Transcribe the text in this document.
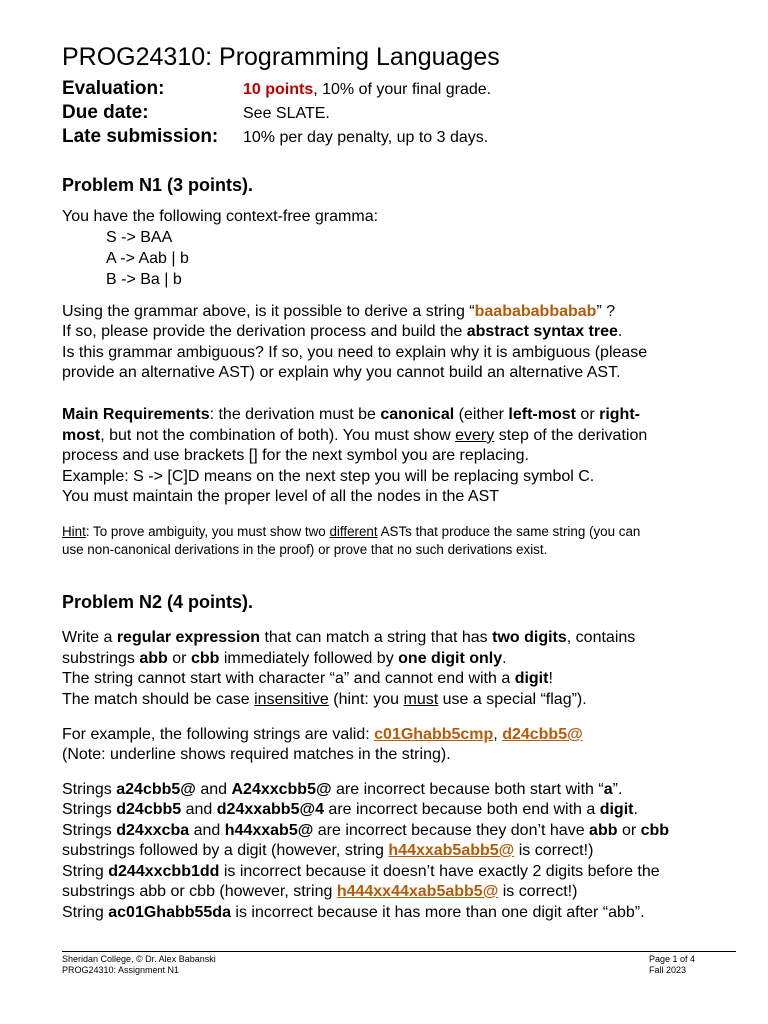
PROG24310: Programming Languages
Evaluation:	10 points, 10% of your final grade.
Due date:	See SLATE.
Late submission: 10% per day penalty, up to 3 days.
Problem N1 (3 points).
You have the following context-free gramma:
S -> BAA
A -> Aab | b
B -> Ba | b
Using the grammar above, is it possible to derive a string “baabababbabab” ?
If so, please provide the derivation process and build the abstract syntax tree.
Is this grammar ambiguous? If so, you need to explain why it is ambiguous (please
provide an alternative AST) or explain why you cannot build an alternative AST.
Main Requirements: the derivation must be canonical (either left-most or right-
most, but not the combination of both). You must show every step of the derivation
process and use brackets [] for the next symbol you are replacing.
Example: S -> [C]D means on the next step you will be replacing symbol C.
You must maintain the proper level of all the nodes in the AST
Hint: To prove ambiguity, you must show two different ASTs that produce the same string (you can
use non-canonical derivations in the proof) or prove that no such derivations exist.
Problem N2 (4 points).
Write a regular expression that can match a string that has two digits, contains
substrings abb or cbb immediately followed by one digit only.
The string cannot start with character “a” and cannot end with a digit!
The match should be case insensitive (hint: you must use a special “flag”).
For example, the following strings are valid: c01Ghabb5cmp, d24cbb5@
(Note: underline shows required matches in the string).
Strings a24cbb5@ and A24xxcbb5@ are incorrect because both start with “a”.
Strings d24cbb5 and d24xxabb5@4 are incorrect because both end with a digit.
Strings d24xxcba and h44xxab5@ are incorrect because they don’t have abb or cbb
substrings followed by a digit (however, string h44xxab5abb5@ is correct!)
String d244xxcbb1dd is incorrect because it doesn’t have exactly 2 digits before the
substrings abb or cbb (however, string h444xx44xab5abb5@ is correct!)
String ac01Ghabb55da is incorrect because it has more than one digit after “abb”.
Sheridan College, © Dr. Alex Babanski
PROG24310: Assignment N1
Page 1 of 4
Fall 2023
